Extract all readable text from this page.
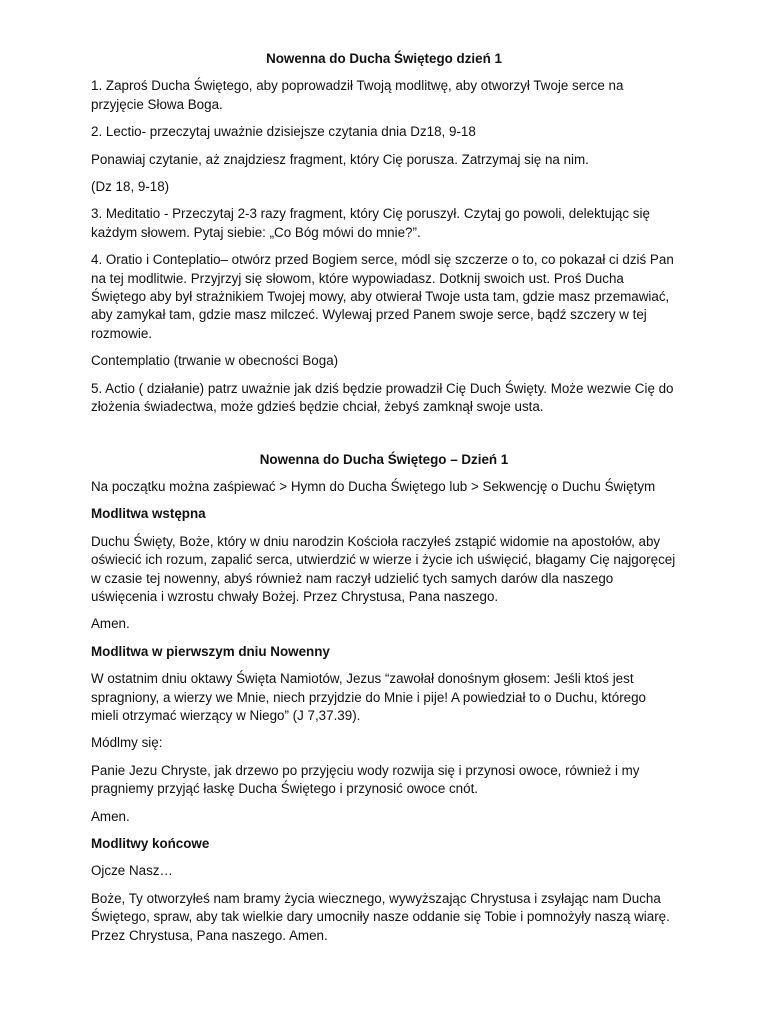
Nowenna do Ducha Świętego dzień 1

1. Zaproś Ducha Świętego, aby poprowadził Twoją modlitwę, aby otworzył Twoje serce na przyjęcie Słowa Boga.

2. Lectio- przeczytaj uważnie dzisiejsze czytania dnia Dz18, 9-18

Ponawiaj czytanie, aż znajdziesz fragment, który Cię porusza. Zatrzymaj się na nim.

(Dz 18, 9-18)

3. Meditatio - Przeczytaj 2-3 razy fragment, który Cię poruszył. Czytaj go powoli, delektując się każdym słowem. Pytaj siebie: „Co Bóg mówi do mnie?”.

4. Oratio i Conteplatio– otwórz przed Bogiem serce, módl się szczerze o to, co pokazał ci dziś Pan na tej modlitwie. Przyjrzyj się słowom, które wypowiadasz. Dotknij swoich ust. Proś Ducha Świętego aby był strażnikiem Twojej mowy, aby otwierał Twoje usta tam, gdzie masz przemawiać, aby zamykał tam, gdzie masz milczeć. Wylewaj przed Panem swoje serce, bądź szczery w tej rozmowie.

Contemplatio (trwanie w obecności Boga)

5. Actio ( działanie) patrz uważnie jak dziś będzie prowadził Cię Duch Święty. Może wezwie Cię do złożenia świadectwa, może gdzieś będzie chciał, żebyś zamknął swoje usta.

Nowenna do Ducha Świętego – Dzień 1

Na początku można zaśpiewać > Hymn do Ducha Świętego lub > Sekwencję o Duchu Świętym

Modlitwa wstępna

Duchu Święty, Boże, który w dniu narodzin Kościoła raczyłeś zstąpić widomie na apostołów, aby oświecić ich rozum, zapalić serca, utwierdzić w wierze i życie ich uświęcić, błagamy Cię najgoręcej w czasie tej nowenny, abyś również nam raczył udzielić tych samych darów dla naszego uświęcenia i wzrostu chwały Bożej. Przez Chrystusa, Pana naszego.

Amen.

Modlitwa w pierwszym dniu Nowenny

W ostatnim dniu oktawy Święta Namiotów, Jezus “zawołał donośnym głosem: Jeśli ktoś jest spragniony, a wierzy we Mnie, niech przyjdzie do Mnie i pije! A powiedział to o Duchu, którego mieli otrzymać wierzący w Niego” (J 7,37.39).

Módlmy się:

Panie Jezu Chryste, jak drzewo po przyjęciu wody rozwija się i przynosi owoce, również i my pragniemy przyjąć łaskę Ducha Świętego i przynosić owoce cnót.

Amen.

Modlitwy końcowe

Ojcze Nasz…

Boże, Ty otworzyłeś nam bramy życia wiecznego, wywyższając Chrystusa i zsyłając nam Ducha Świętego, spraw, aby tak wielkie dary umocniły nasze oddanie się Tobie i pomnożyły naszą wiarę. Przez Chrystusa, Pana naszego. Amen.
